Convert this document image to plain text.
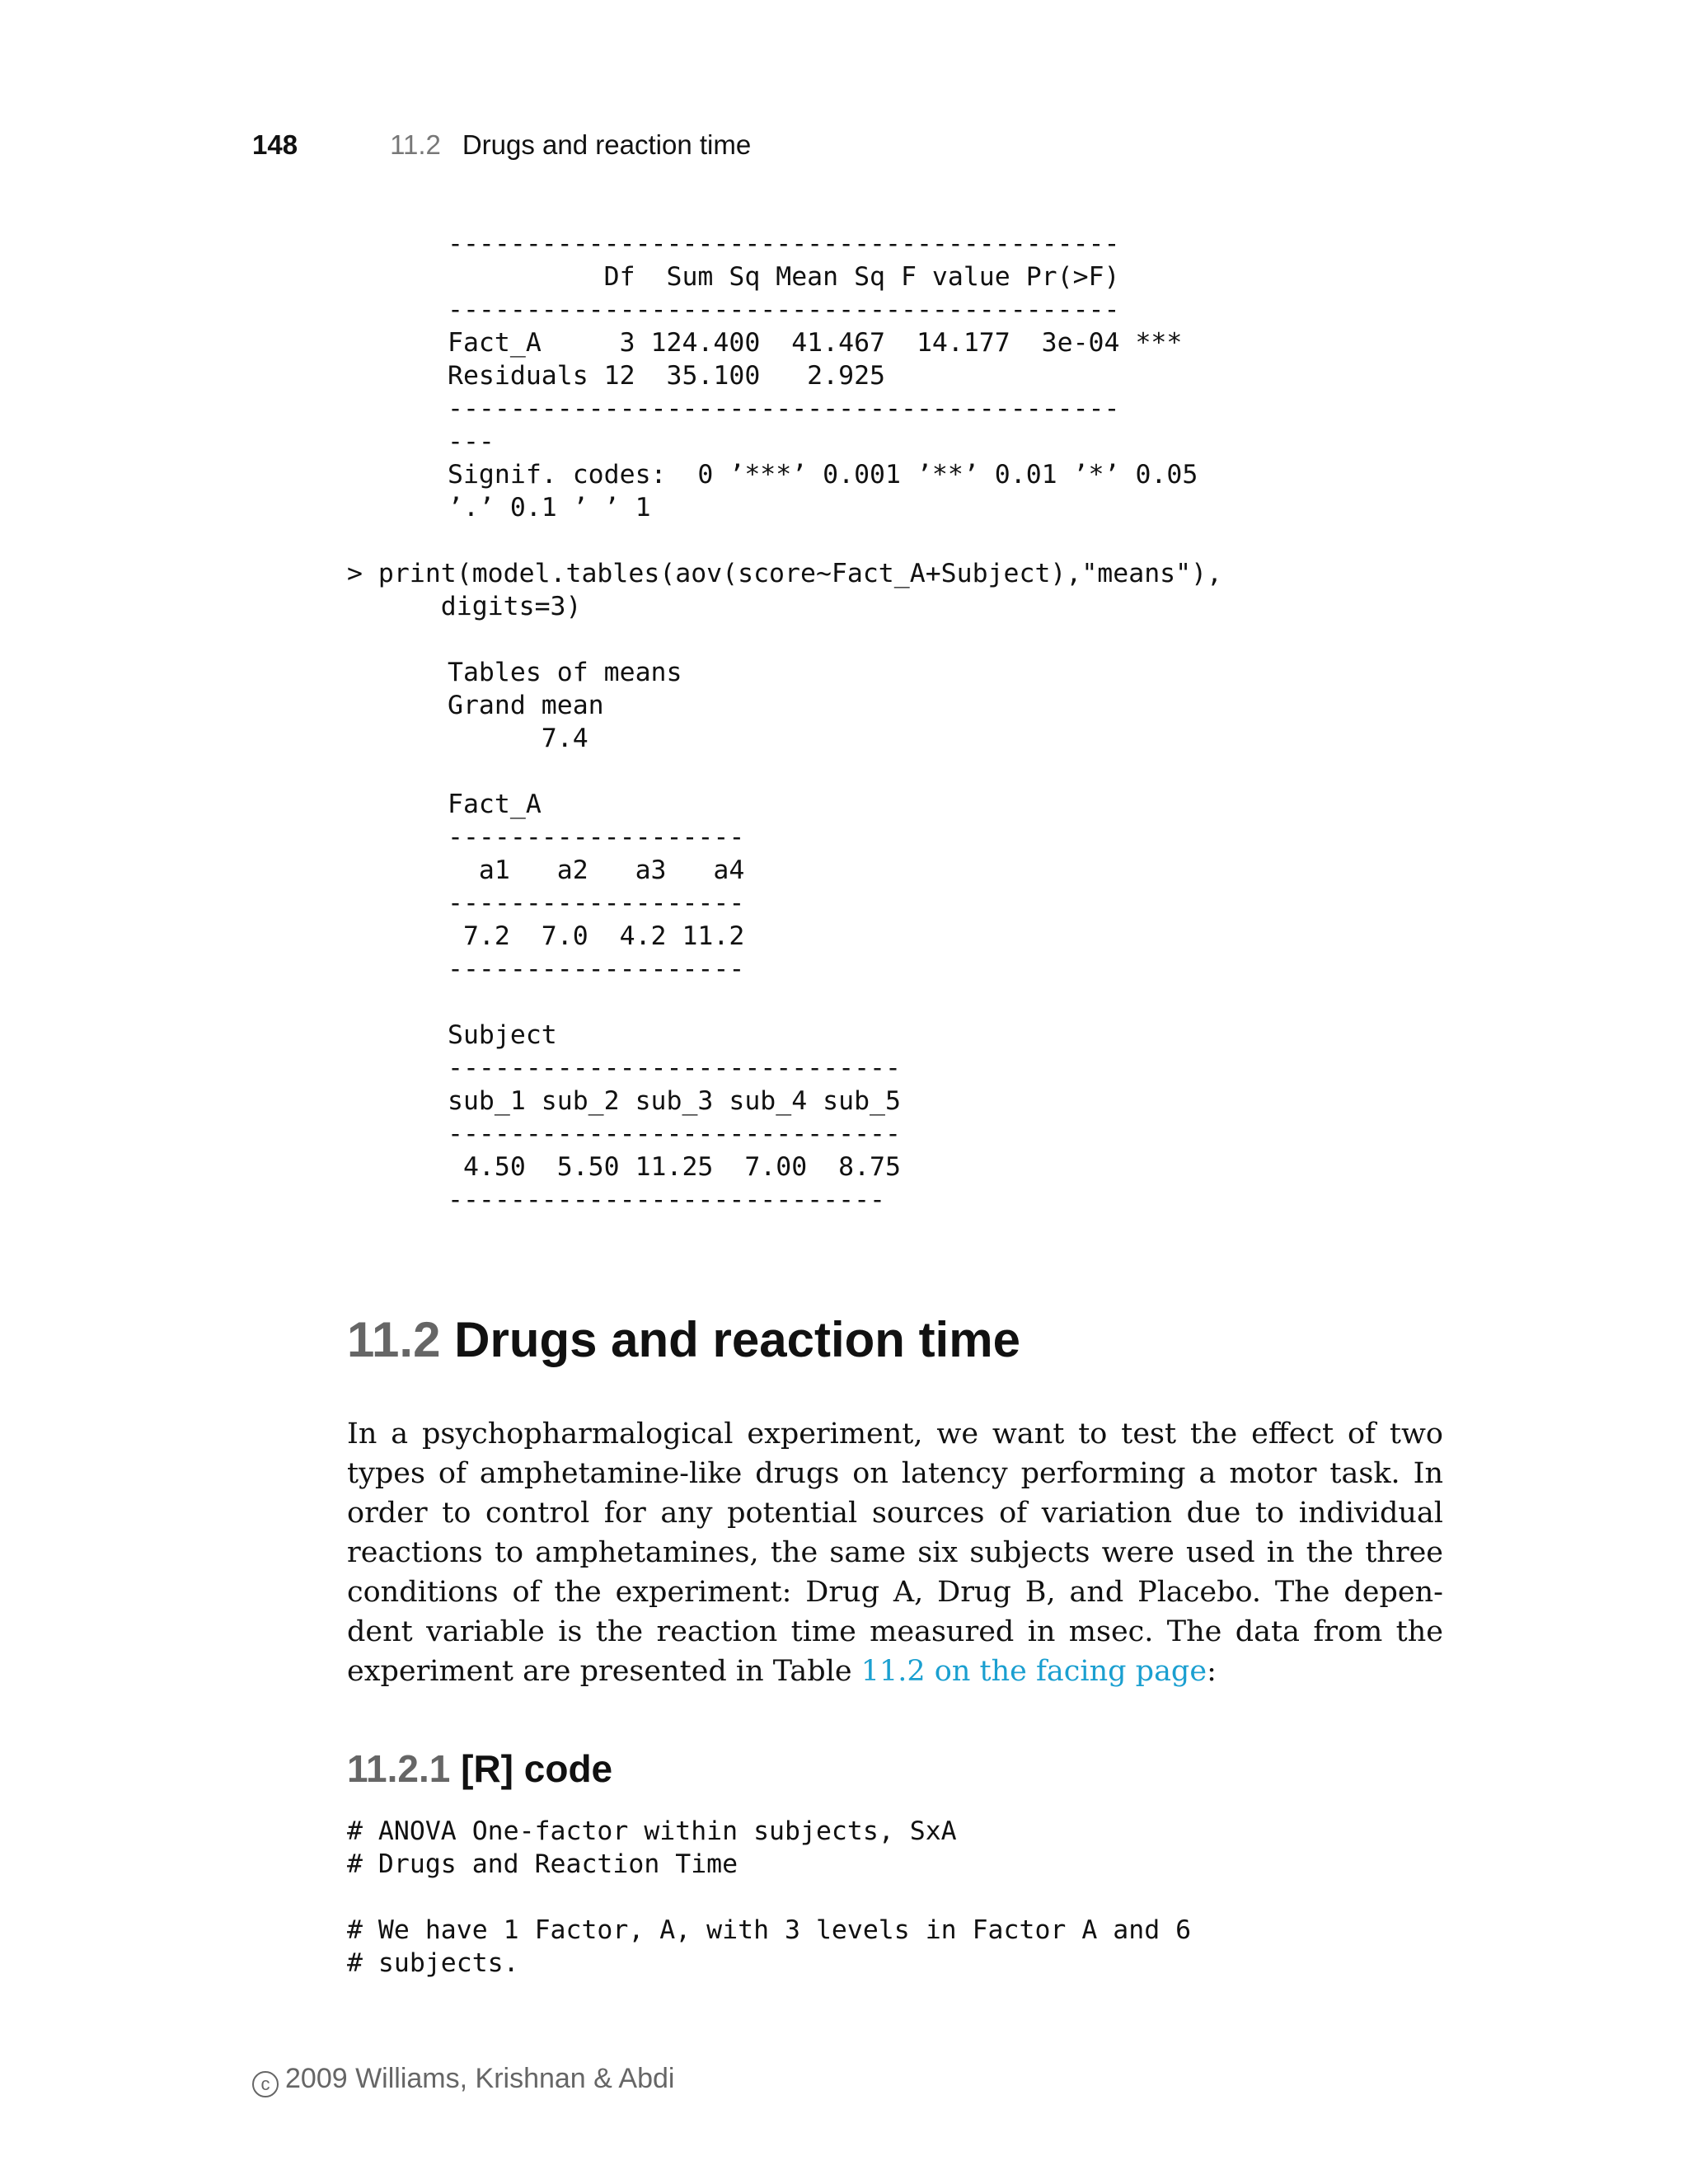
148	11.2 Drugs and reaction time
-------------------------------------------
Df  Sum Sq Mean Sq F value Pr(>F)
-------------------------------------------
Fact_A     3 124.400  41.467  14.177  3e-04 ***
Residuals 12  35.100   2.925
-------------------------------------------
---
Signif. codes:  0 ’***’ 0.001 ’**’ 0.01 ’*’ 0.05
’.’ 0.1 ’ ’ 1
> print(model.tables(aov(score~Fact_A+Subject),"means"),
digits=3)
Tables of means
Grand mean
7.4
Fact_A
-------------------
a1   a2   a3   a4
-------------------
7.2  7.0  4.2 11.2
-------------------
Subject
-----------------------------
sub_1 sub_2 sub_3 sub_4 sub_5
-----------------------------
4.50  5.50 11.25  7.00  8.75
----------------------------
11.2 Drugs and reaction time

In a psychopharmalogical experiment, we want to test the effect of two
types of amphetamine-like drugs on latency performing a motor task. In
order to control for any potential sources of variation due to individual
reactions to amphetamines, the same six subjects were used in the three
conditions of the experiment: Drug A, Drug B, and Placebo. The depen-
dent variable is the reaction time measured in msec. The data from the
experiment are presented in Table 11.2 on the facing page:

11.2.1 [R] code
# ANOVA One-factor within subjects, SxA
# Drugs and Reaction Time
# We have 1 Factor, A, with 3 levels in Factor A and 6
# subjects.
c 2009 Williams, Krishnan & Abdi
